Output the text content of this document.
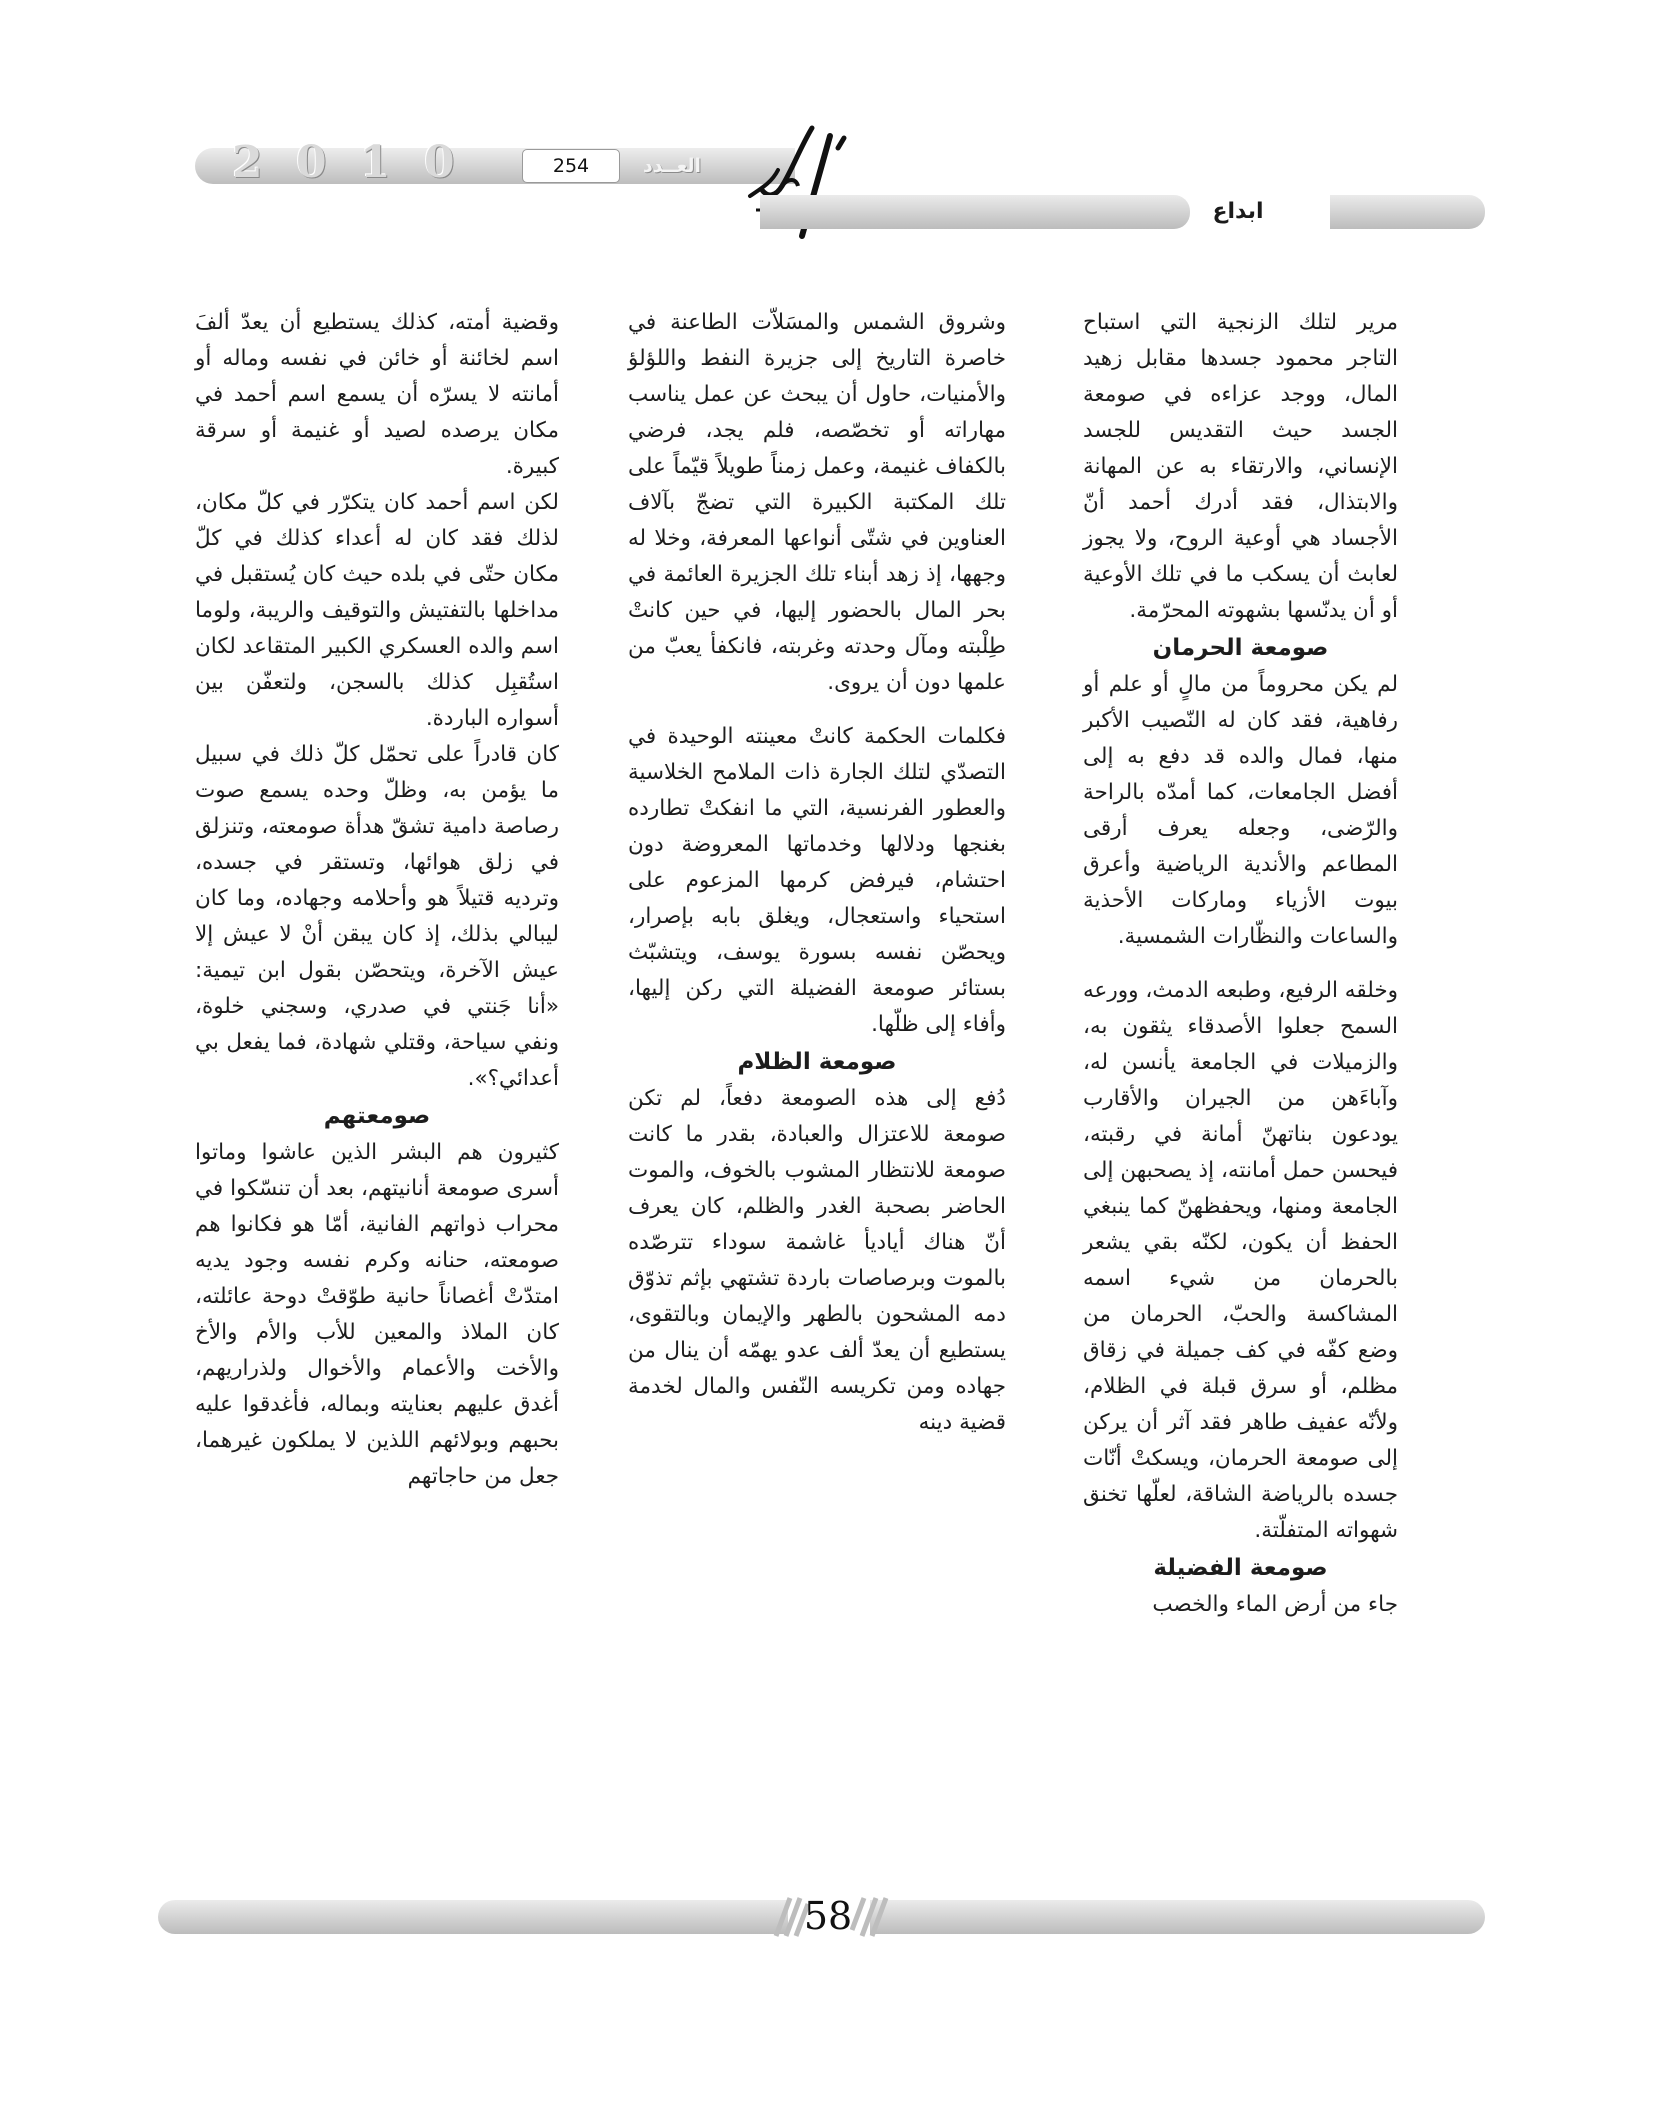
2 0 1 0	254	العــدد
ابداع

مرير لتلك الزنجية التي استباح التاجر محمود جسدها مقابل زهيد المال، ووجد عزاءه في صومعة الجسد حيث التقديس للجسد الإنساني، والارتقاء به عن المهانة والابتذال، فقد أدرك أحمد أنّ الأجساد هي أوعية الروح، ولا يجوز لعابث أن يسكب ما في تلك الأوعية أو أن يدنّسها بشهوته المحرّمة.

صومعة الحرمان

لم يكن محروماً من مالٍ أو علم أو رفاهية، فقد كان له النّصيب الأكبر منها، فمال والده قد دفع به إلى أفضل الجامعات، كما أمدّه بالراحة والرّضى، وجعله يعرف أرقى المطاعم والأندية الرياضية وأعرق بيوت الأزياء وماركات الأحذية والساعات والنظّارات الشمسية.

وخلقه الرفيع، وطبعه الدمث، وورعه السمح جعلوا الأصدقاء يثقون به، والزميلات في الجامعة يأنسن له، وآباءَهن من الجيران والأقارب يودعون بناتهنّ أمانة في رقبته، فيحسن حمل أمانته، إذ يصحبهن إلى الجامعة ومنها، ويحفظهنّ كما ينبغي الحفظ أن يكون، لكنّه بقي يشعر بالحرمان من شيء اسمه المشاكسة والحبّ، الحرمان من وضع كفّه في كف جميلة في زقاق مظلم، أو سرق قبلة في الظلام، ولأنّه عفيف طاهر فقد آثر أن يركن إلى صومعة الحرمان، ويسكتْ أنّات جسده بالرياضة الشاقة، لعلّها تخنق شهواته المتفلّتة.

صومعة الفضيلة

جاء من أرض الماء والخصب

وشروق الشمس والمسَلاّت الطاعنة في خاصرة التاريخ إلى جزيرة النفط واللؤلؤ والأمنيات، حاول أن يبحث عن عمل يناسب مهاراته أو تخصّصه، فلم يجد، فرضي بالكفاف غنيمة، وعمل زمناً طويلاً قيّماً على تلك المكتبة الكبيرة التي تضجّ بآلاف العناوين في شتّى أنواعها المعرفة، وخلا له وجهها، إذ زهد أبناء تلك الجزيرة العائمة في بحر المال بالحضور إليها، في حين كانتْ طِلْبته ومآل وحدته وغربته، فانكفأ يعبّ من علمها دون أن يروى.

فكلمات الحكمة كانتْ معينته الوحيدة في التصدّي لتلك الجارة ذات الملامح الخلاسية والعطور الفرنسية، التي ما انفكتْ تطارده بغنجها ودلالها وخدماتها المعروضة دون احتشام، فيرفض كرمها المزعوم على استحياء واستعجال، ويغلق بابه بإصرار، ويحصّن نفسه بسورة يوسف، ويتشبّث بستائر صومعة الفضيلة التي ركن إليها، وأفاء إلى ظلّها.

صومعة الظلام

دُفع إلى هذه الصومعة دفعاً، لم تكن صومعة للاعتزال والعبادة، بقدر ما كانت صومعة للانتظار المشوب بالخوف، والموت الحاضر بصحبة الغدر والظلم، كان يعرف أنّ هناك أياديأ غاشمة سوداء تترصّده بالموت وبرصاصات باردة تشتهي بإثم تذوّق دمه المشحون بالطهر والإيمان وبالتقوى، يستطيع أن يعدّ ألف عدو يهمّه أن ينال من جهاده ومن تكريسه النّفس والمال لخدمة قضية دينه

وقضية أمته، كذلك يستطيع أن يعدّ ألفَ اسم لخائنة أو خائن في نفسه وماله أو أمانته لا يسرّه أن يسمع اسم أحمد في مكان يرصده لصيد أو غنيمة أو سرقة كبيرة.

لكن اسم أحمد كان يتكرّر في كلّ مكان، لذلك فقد كان له أعداء كذلك في كلّ مكان حتّى في بلده حيث كان يُستقبل في مداخلها بالتفتيش والتوقيف والريبة، ولوما اسم والده العسكري الكبير المتقاعد لكان استُقبِل كذلك بالسجن، ولتعفّن بين أسواره الباردة.

كان قادراً على تحمّل كلّ ذلك في سبيل ما يؤمن به، وظلّ وحده يسمع صوت رصاصة دامية تشقّ هدأة صومعته، وتنزلق في زلق هوائها، وتستقر في جسده، وترديه قتيلاً هو وأحلامه وجهاده، وما كان ليبالي بذلك، إذ كان يبقن أنْ لا عيش إلا عيش الآخرة، ويتحصّن بقول ابن تيمية: «أنا جَنتي في صدري، وسجني خلوة، ونفي سياحة، وقتلي شهادة، فما يفعل بي أعدائي؟».

صومعتهم

كثيرون هم البشر الذين عاشوا وماتوا أسرى صومعة أنانيتهم، بعد أن تنسّكوا في محراب ذواتهم الفانية، أمّا هو فكانوا هم صومعته، حنانه وكرم نفسه وجود يديه امتدّتْ أغصاناً حانية طوّقتْ دوحة عائلته، كان الملاذ والمعين للأب والأم والأخ والأخت والأعمام والأخوال ولذراريهم، أغدق عليهم بعنايته وبماله، فأغدقوا عليه بحبهم وبولائهم اللذين لا يملكون غيرهما، جعل من حاجاتهم

58
